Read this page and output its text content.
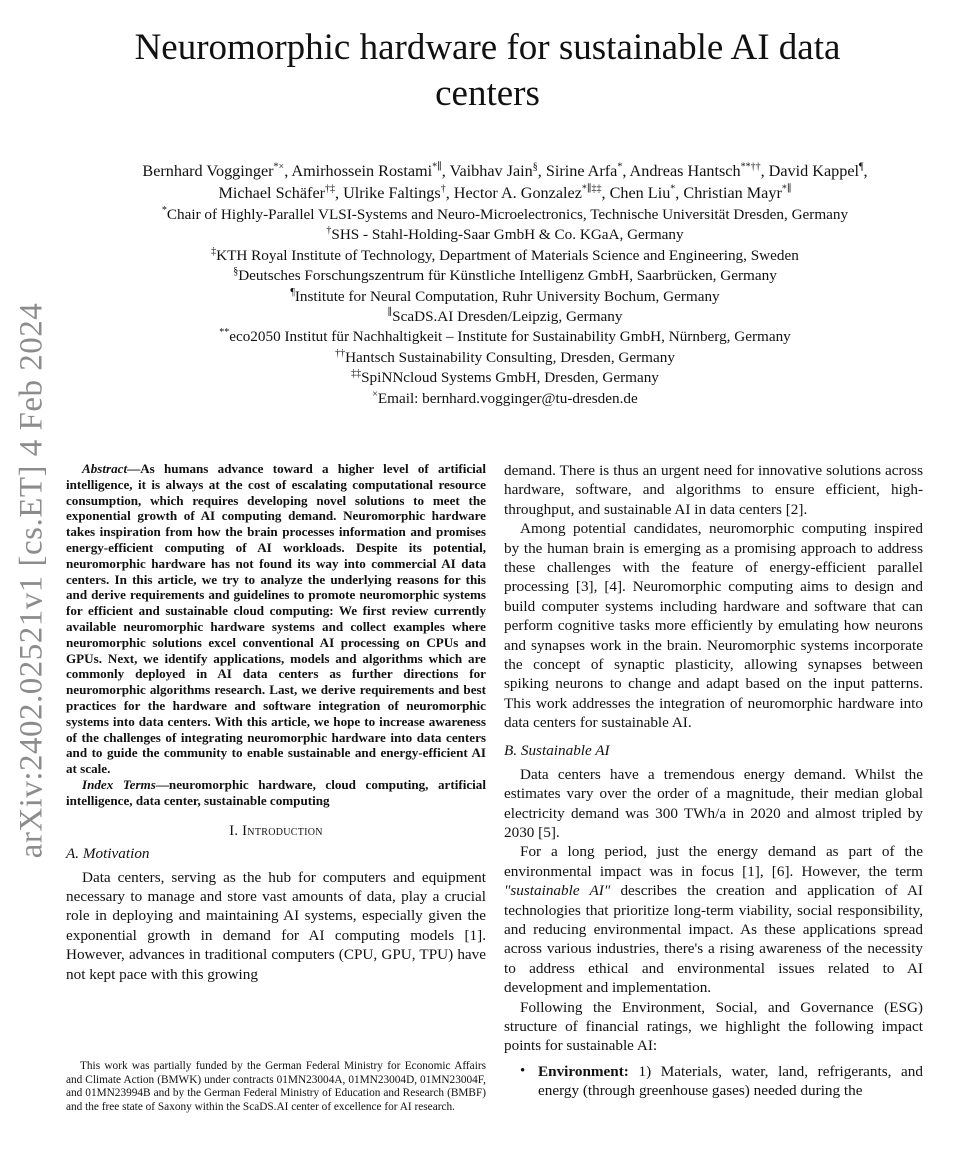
arXiv:2402.02521v1 [cs.ET] 4 Feb 2024
Neuromorphic hardware for sustainable AI data centers
Bernhard Vogginger*×, Amirhossein Rostami*∥, Vaibhav Jain§, Sirine Arfa*, Andreas Hantsch**††, David Kappel¶,
Michael Schäfer†‡, Ulrike Faltings†, Hector A. Gonzalez*∥‡‡, Chen Liu*, Christian Mayr*∥
*Chair of Highly-Parallel VLSI-Systems and Neuro-Microelectronics, Technische Universität Dresden, Germany
†SHS - Stahl-Holding-Saar GmbH & Co. KGaA, Germany
‡KTH Royal Institute of Technology, Department of Materials Science and Engineering, Sweden
§Deutsches Forschungszentrum für Künstliche Intelligenz GmbH, Saarbrücken, Germany
¶Institute for Neural Computation, Ruhr University Bochum, Germany
∥ScaDS.AI Dresden/Leipzig, Germany
**eco2050 Institut für Nachhaltigkeit – Institute for Sustainability GmbH, Nürnberg, Germany
††Hantsch Sustainability Consulting, Dresden, Germany
‡‡SpiNNcloud Systems GmbH, Dresden, Germany
×Email: bernhard.vogginger@tu-dresden.de

Abstract—As humans advance toward a higher level of artificial intelligence, it is always at the cost of escalating computational resource consumption, which requires developing novel solutions to meet the exponential growth of AI computing demand. Neuromorphic hardware takes inspiration from how the brain processes information and promises energy-efficient computing of AI workloads. Despite its potential, neuromorphic hardware has not found its way into commercial AI data centers. In this article, we try to analyze the underlying reasons for this and derive requirements and guidelines to promote neuromorphic systems for efficient and sustainable cloud computing: We first review currently available neuromorphic hardware systems and collect examples where neuromorphic solutions excel conventional AI processing on CPUs and GPUs. Next, we identify applications, models and algorithms which are commonly deployed in AI data centers as further directions for neuromorphic algorithms research. Last, we derive requirements and best practices for the hardware and software integration of neuromorphic systems into data centers. With this article, we hope to increase awareness of the challenges of integrating neuromorphic hardware into data centers and to guide the community to enable sustainable and energy-efficient AI at scale.

Index Terms—neuromorphic hardware, cloud computing, artificial intelligence, data center, sustainable computing

I. Introduction
A. Motivation

Data centers, serving as the hub for computers and equipment necessary to manage and store vast amounts of data, play a crucial role in deploying and maintaining AI systems, especially given the exponential growth in demand for AI computing models [1]. However, advances in traditional computers (CPU, GPU, TPU) have not kept pace with this growing

This work was partially funded by the German Federal Ministry for Economic Affairs and Climate Action (BMWK) under contracts 01MN23004A, 01MN23004D, 01MN23004F, and 01MN23994B and by the German Federal Ministry of Education and Research (BMBF) and the free state of Saxony within the ScaDS.AI center of excellence for AI research.

demand. There is thus an urgent need for innovative solutions across hardware, software, and algorithms to ensure efficient, high-throughput, and sustainable AI in data centers [2].

Among potential candidates, neuromorphic computing inspired by the human brain is emerging as a promising approach to address these challenges with the feature of energy-efficient parallel processing [3], [4]. Neuromorphic computing aims to design and build computer systems including hardware and software that can perform cognitive tasks more efficiently by emulating how neurons and synapses work in the brain. Neuromorphic systems incorporate the concept of synaptic plasticity, allowing synapses between spiking neurons to change and adapt based on the input patterns. This work addresses the integration of neuromorphic hardware into data centers for sustainable AI.

B. Sustainable AI

Data centers have a tremendous energy demand. Whilst the estimates vary over the order of a magnitude, their median global electricity demand was 300 TWh/a in 2020 and almost tripled by 2030 [5].

For a long period, just the energy demand as part of the environmental impact was in focus [1], [6]. However, the term "sustainable AI" describes the creation and application of AI technologies that prioritize long-term viability, social responsibility, and reducing environmental impact. As these applications spread across various industries, there's a rising awareness of the necessity to address ethical and environmental issues related to AI development and implementation.

Following the Environment, Social, and Governance (ESG) structure of financial ratings, we highlight the following impact points for sustainable AI:

• Environment: 1) Materials, water, land, refrigerants, and energy (through greenhouse gases) needed during the
